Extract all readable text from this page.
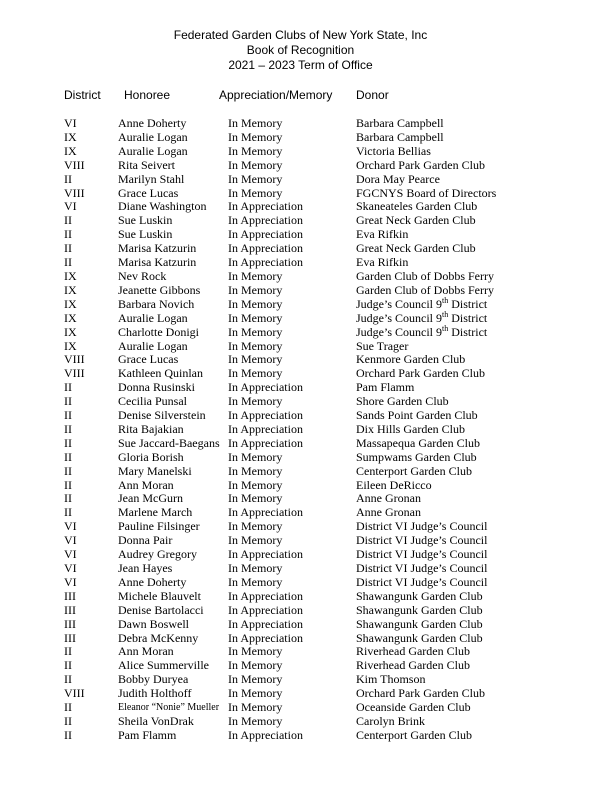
Federated Garden Clubs of New York State, Inc
Book of Recognition
2021 – 2023 Term of Office
District Honoree	Appreciation/Memory Donor
VI	Anne Doherty	In Memory	Barbara Campbell
IX	Auralie Logan	In Memory	Barbara Campbell
IX	Auralie Logan	In Memory	Victoria Bellias
VIII	Rita Seivert	In Memory	Orchard Park Garden Club
II	Marilyn Stahl	In Memory	Dora May Pearce
VIII	Grace Lucas	In Memory	FGCNYS Board of Directors
VI	Diane Washington In Appreciation	Skaneateles Garden Club
II	Sue Luskin	In Appreciation	Great Neck Garden Club
II	Sue Luskin	In Appreciation	Eva Rifkin
II	Marisa Katzurin	In Appreciation	Great Neck Garden Club
II	Marisa Katzurin	In Appreciation	Eva Rifkin
IX	Nev Rock	In Memory	Garden Club of Dobbs Ferry
IX	Jeanette Gibbons In Memory	Garden Club of Dobbs Ferry
IX	Barbara Novich	In Memory	Judge’s Council 9th District
IX	Auralie Logan	In Memory	Judge’s Council 9th District
IX	Charlotte Donigi In Memory	Judge’s Council 9th District
IX	Auralie Logan	In Memory	Sue Trager
VIII	Grace Lucas	In Memory	Kenmore Garden Club
VIII	Kathleen Quinlan In Memory	Orchard Park Garden Club
II	Donna Rusinski	In Appreciation	Pam Flamm
II	Cecilia Punsal	In Memory	Shore Garden Club
II	Denise Silverstein In Appreciation	Sands Point Garden Club
II	Rita Bajakian	In Appreciation	Dix Hills Garden Club
II	Sue Jaccard-Baegans In Appreciation	Massapequa Garden Club
II	Gloria Borish	In Memory	Sumpwams Garden Club
II	Mary Manelski	In Memory	Centerport Garden Club
II	Ann Moran	In Memory	Eileen DeRicco
II	Jean McGurn	In Memory	Anne Gronan
II	Marlene March	In Appreciation	Anne Gronan
VI	Pauline Filsinger In Memory	District VI Judge’s Council
VI	Donna Pair	In Memory	District VI Judge’s Council
VI	Audrey Gregory	In Appreciation	District VI Judge’s Council
VI	Jean Hayes	In Memory	District VI Judge’s Council
VI	Anne Doherty	In Memory	District VI Judge’s Council
III	Michele Blauvelt In Appreciation	Shawangunk Garden Club
III	Denise Bartolacci In Appreciation	Shawangunk Garden Club
III	Dawn Boswell	In Appreciation	Shawangunk Garden Club
III	Debra McKenny In Appreciation	Shawangunk Garden Club
II	Ann Moran	In Memory	Riverhead Garden Club
II	Alice Summerville In Memory	Riverhead Garden Club
II	Bobby Duryea	In Memory	Kim Thomson
VIII	Judith Holthoff	In Memory	Orchard Park Garden Club
II	Eleanor “Nonie” Mueller In Memory	Oceanside Garden Club
II	Sheila VonDrak	In Memory	Carolyn Brink
II	Pam Flamm	In Appreciation	Centerport Garden Club
